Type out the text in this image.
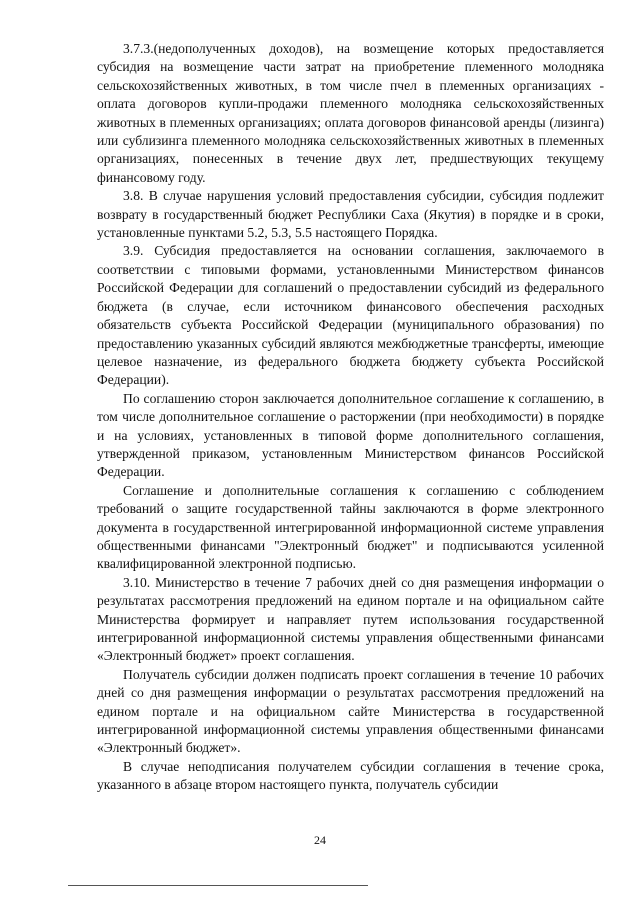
3.7.3.(недополученных доходов), на возмещение которых предоставляется субсидия на возмещение части затрат на приобретение племенного молодняка сельскохозяйственных животных, в том числе пчел в племенных организациях - оплата договоров купли-продажи племенного молодняка сельскохозяйственных животных в племенных организациях; оплата договоров финансовой аренды (лизинга) или сублизинга племенного молодняка сельскохозяйственных животных в племенных организациях, понесенных в течение двух лет, предшествующих текущему финансовому году.

3.8. В случае нарушения условий предоставления субсидии, субсидия подлежит возврату в государственный бюджет Республики Саха (Якутия) в порядке и в сроки, установленные пунктами 5.2, 5.3, 5.5 настоящего Порядка.

3.9. Субсидия предоставляется на основании соглашения, заключаемого в соответствии с типовыми формами, установленными Министерством финансов Российской Федерации для соглашений о предоставлении субсидий из федерального бюджета (в случае, если источником финансового обеспечения расходных обязательств субъекта Российской Федерации (муниципального образования) по предоставлению указанных субсидий являются межбюджетные трансферты, имеющие целевое назначение, из федерального бюджета бюджету субъекта Российской Федерации).

По соглашению сторон заключается дополнительное соглашение к соглашению, в том числе дополнительное соглашение о расторжении (при необходимости) в порядке и на условиях, установленных в типовой форме дополнительного соглашения, утвержденной приказом, установленным Министерством финансов Российской Федерации.

Соглашение и дополнительные соглашения к соглашению с соблюдением требований о защите государственной тайны заключаются в форме электронного документа в государственной интегрированной информационной системе управления общественными финансами "Электронный бюджет" и подписываются усиленной квалифицированной электронной подписью.

3.10. Министерство в течение 7 рабочих дней со дня размещения информации о результатах рассмотрения предложений на едином портале и на официальном сайте Министерства формирует и направляет путем использования государственной интегрированной информационной системы управления общественными финансами «Электронный бюджет» проект соглашения.

Получатель субсидии должен подписать проект соглашения в течение 10 рабочих дней со дня размещения информации о результатах рассмотрения предложений на едином портале и на официальном сайте Министерства в государственной интегрированной информационной системы управления общественными финансами «Электронный бюджет».

В случае неподписания получателем субсидии соглашения в течение срока, указанного в абзаце втором настоящего пункта, получатель субсидии

24
